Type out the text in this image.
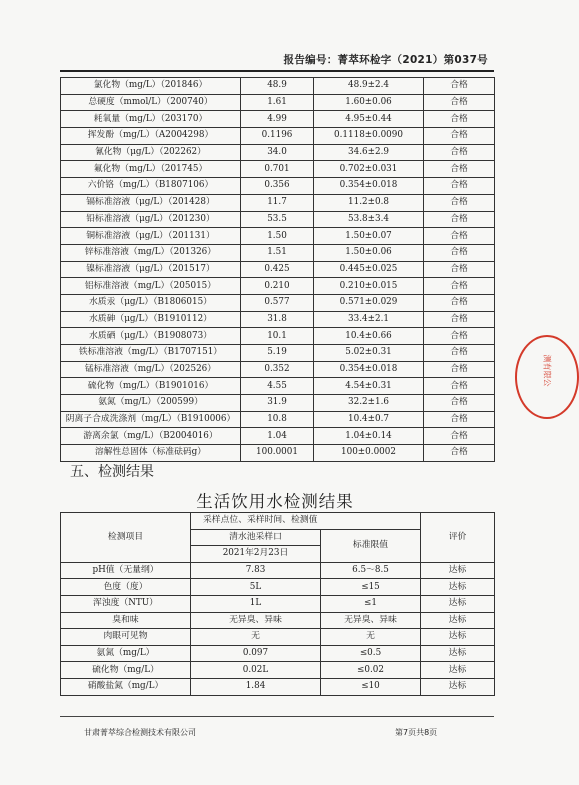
报告编号：菁萃环检字（2021）第037号
氯化物（mg/L）（201846）	48.9	48.9±2.4	合格
总硬度（mmol/L）（200740）	1.61	1.60±0.06	合格
耗氧量（mg/L）（203170）	4.99	4.95±0.44	合格
挥发酚（mg/L）（A2004298）	0.1196	0.1118±0.0090	合格
氰化物（μg/L）（202262）	34.0	34.6±2.9	合格
氟化物（mg/L）（201745）	0.701	0.702±0.031	合格
六价铬（mg/L）（B1807106）	0.356	0.354±0.018	合格
镉标准溶液（μg/L）（201428）	11.7	11.2±0.8	合格
铅标准溶液（μg/L）（201230）	53.5	53.8±3.4	合格
铜标准溶液（μg/L）（201131）	1.50	1.50±0.07	合格
锌标准溶液（mg/L）（201326）	1.51	1.50±0.06	合格
镍标准溶液（μg/L）（201517）	0.425	0.445±0.025	合格
铝标准溶液（mg/L）（205015）	0.210	0.210±0.015	合格
水质汞（μg/L）（B1806015）	0.577	0.571±0.029	合格
水质砷（μg/L）（B1910112）	31.8	33.4±2.1	合格
水质硒（μg/L）（B1908073）	10.1	10.4±0.66	合格
铁标准溶液（mg/L）（B1707151）	5.19	5.02±0.31	合格
锰标准溶液（mg/L）（202526）	0.352	0.354±0.018	合格
硫化物（mg/L）（B1901016）	4.55	4.54±0.31	合格
氨氮（mg/L）（200599）	31.9	32.2±1.6	合格
阴离子合成洗涤剂（mg/L）（B1910006）	10.8	10.4±0.7	合格
游离余氯（mg/L）（B2004016）	1.04	1.04±0.14	合格
溶解性总固体（标准砝码g）	100.0001	100±0.0002	合格
五、检测结果
生活饮用水检测结果
检测项目	采样点位、采样时间、检测值		评价
	清水池采样口	标准限值	
	2021年2月23日		
pH值（无量纲）	7.83	6.5～8.5	达标
色度（度）	5L	≤15	达标
浑浊度（NTU）	1L	≤1	达标
臭和味	无异臭、异味	无异臭、异味	达标
肉眼可见物	无	无	达标
氨氮（mg/L）	0.097	≤0.5	达标
硫化物（mg/L）	0.02L	≤0.02	达标
硝酸盐氮（mg/L）	1.84	≤10	达标
甘肃菁萃综合检测技术有限公司	第7页共8页
测有限公
